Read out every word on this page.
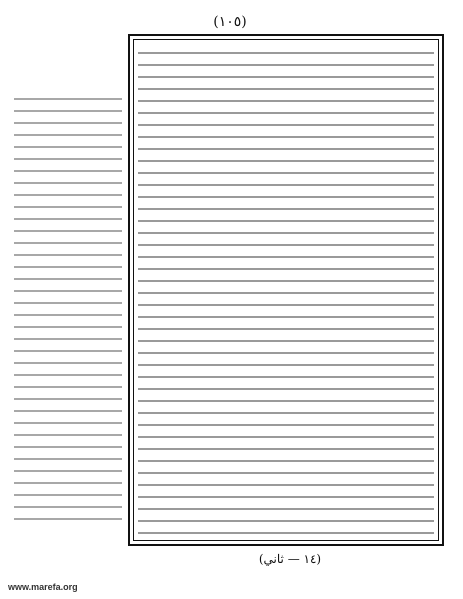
(١٠٥)
(١٤ — ثاني)
www.marefa.org
